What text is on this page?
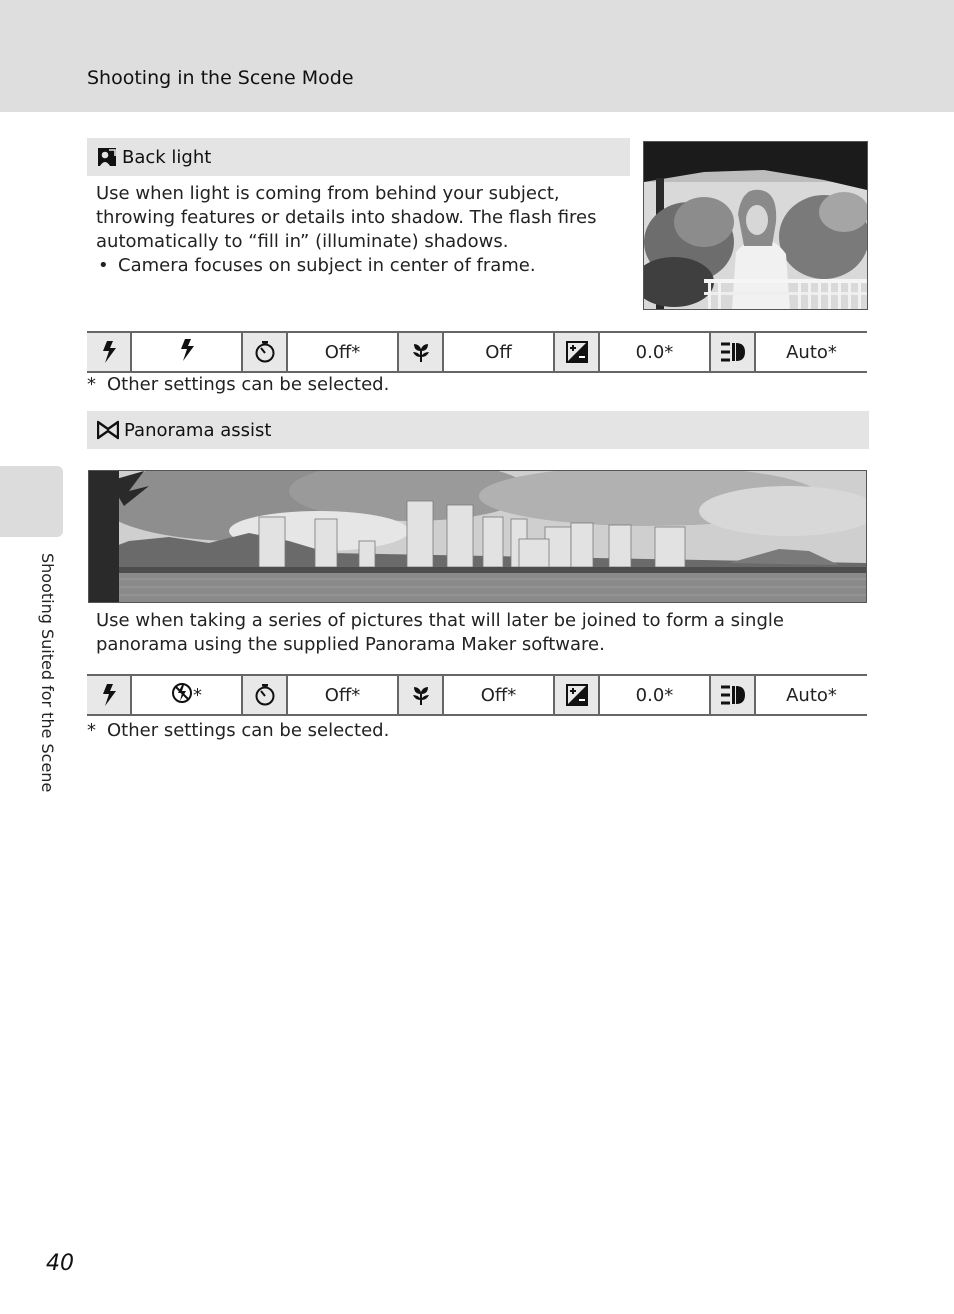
Shooting in the Scene Mode
Shooting Suited for the Scene
Back light

Use when light is coming from behind your subject, throwing features or details into shadow. The flash fires automatically to “fill in” (illuminate) shadows.

• Camera focuses on subject in center of frame.
Off*	Off	0.0*	Auto*
* Other settings can be selected.
Panorama assist

Use when taking a series of pictures that will later be joined to form a single panorama using the supplied Panorama Maker software.

*	Off*	Off*	0.0*	Auto*
* Other settings can be selected.
40
